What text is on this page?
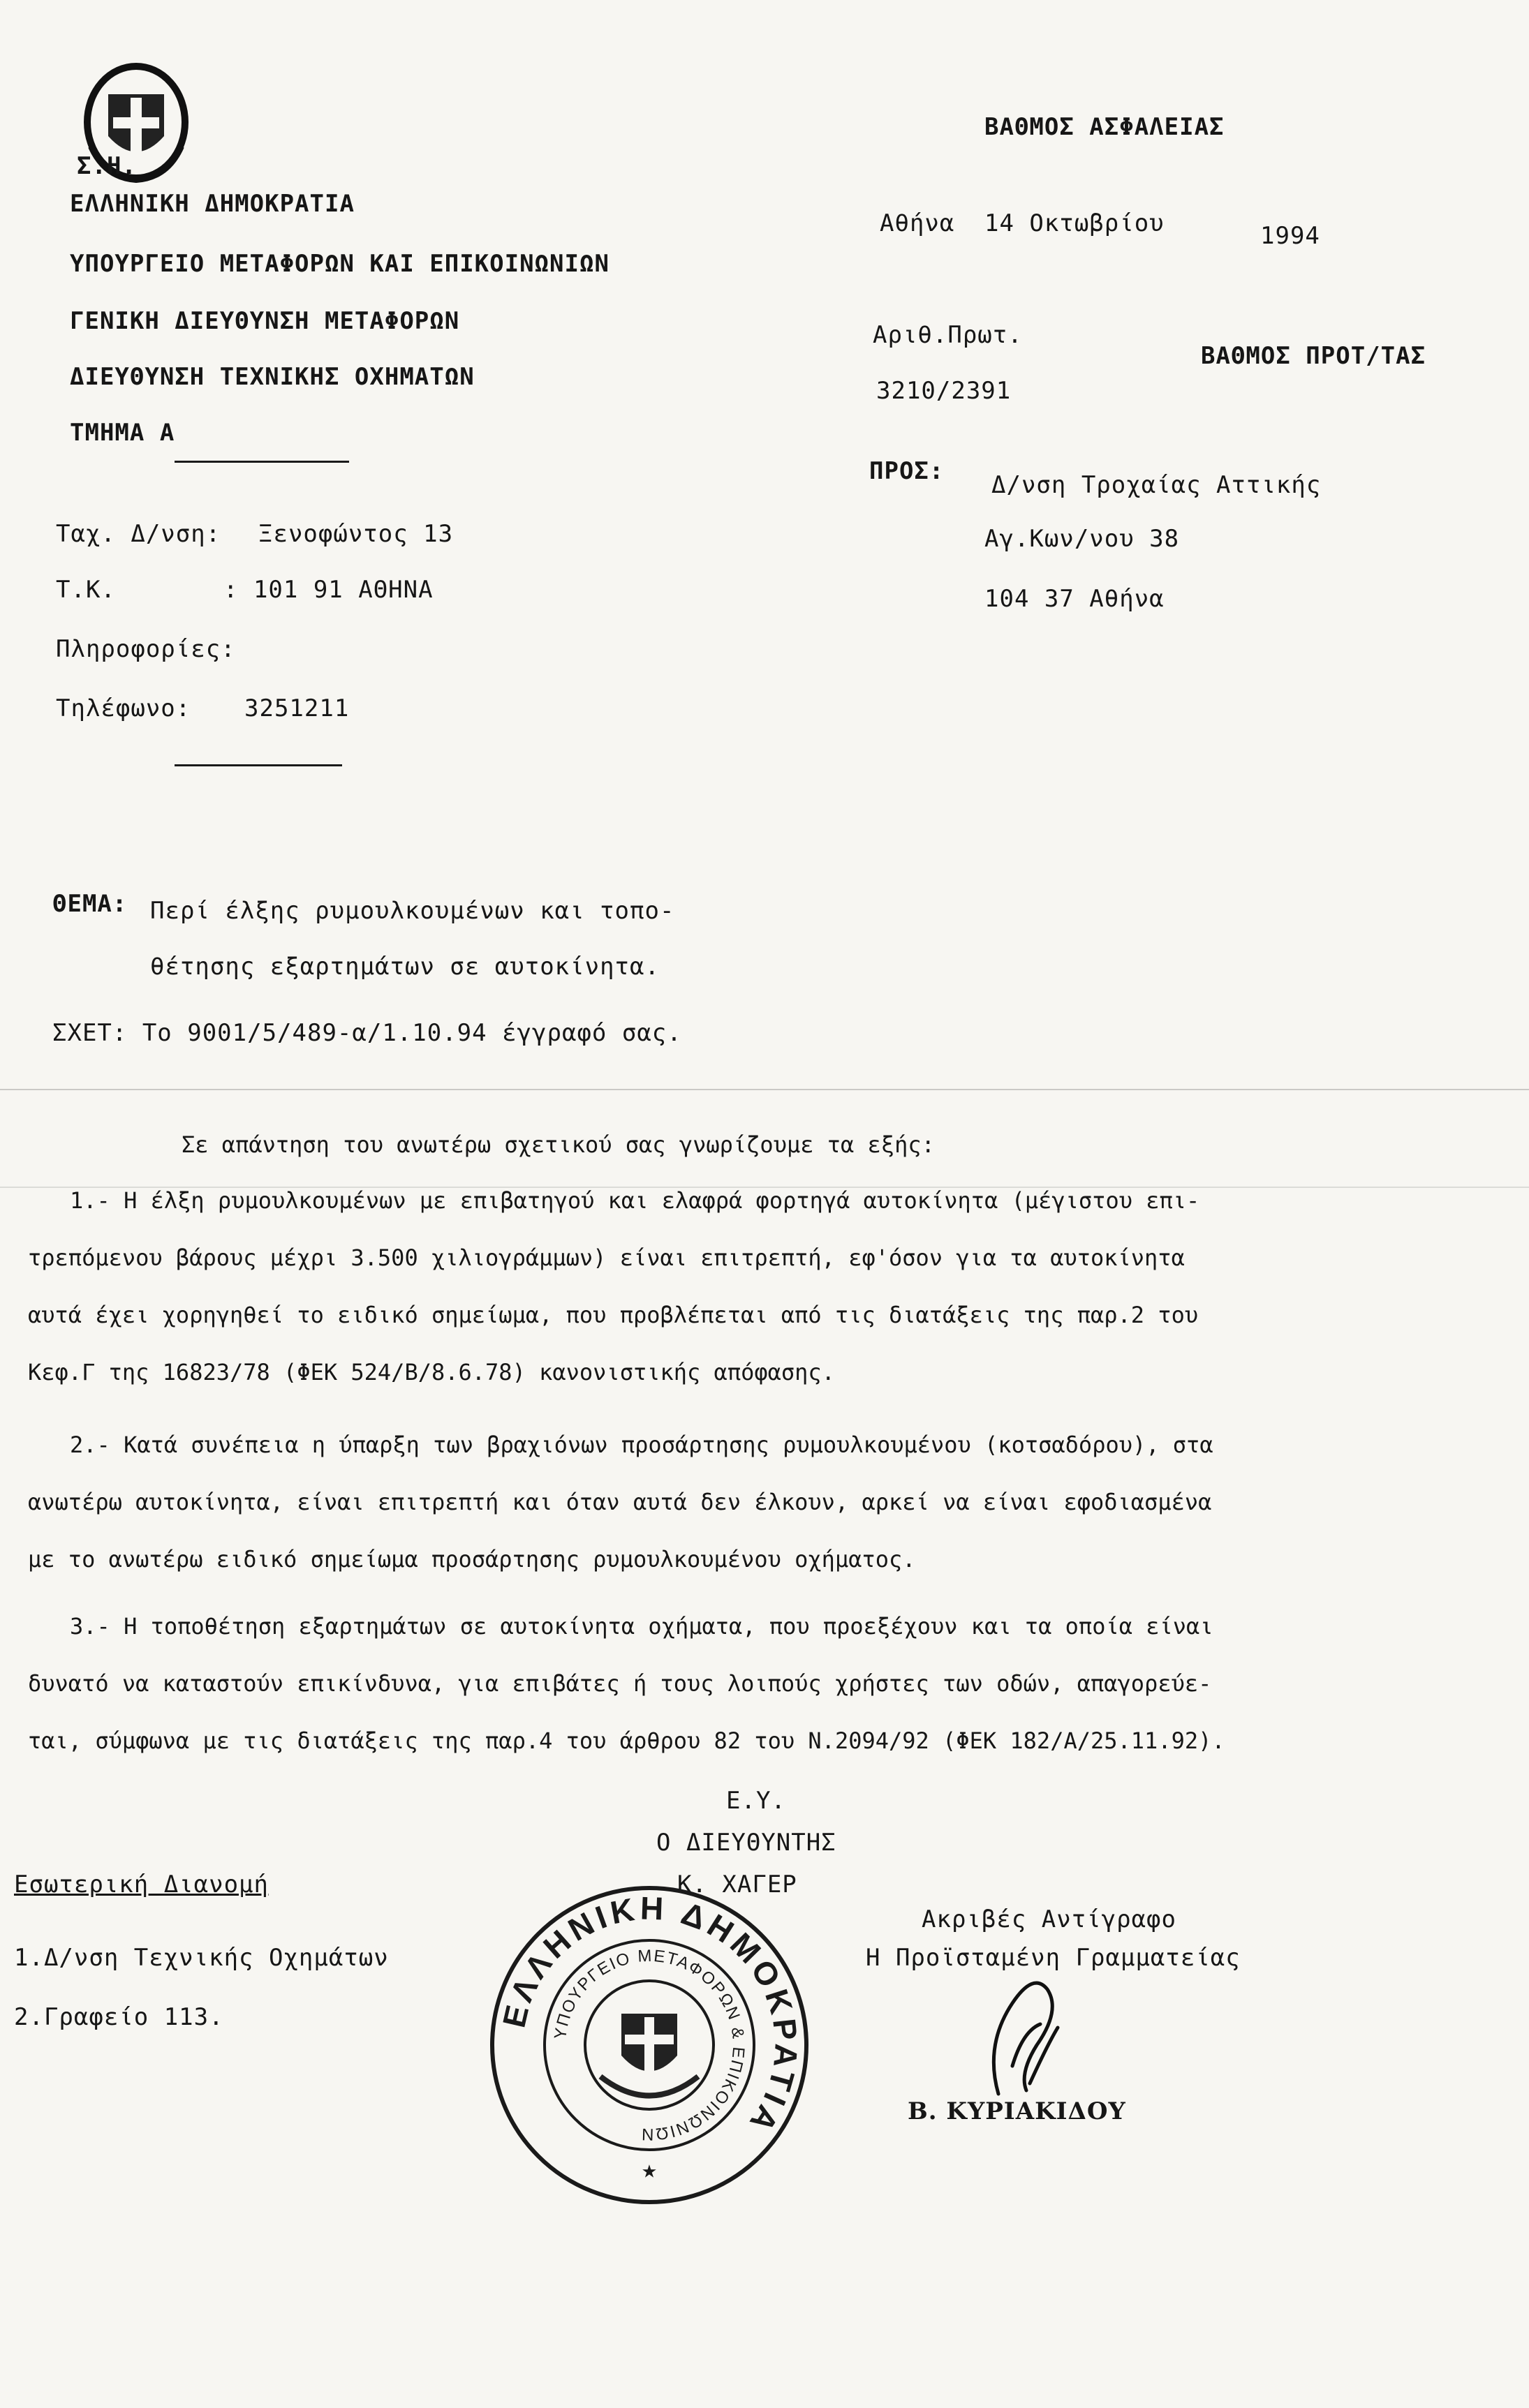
Σ.Η.
ΕΛΛΗΝΙΚΗ ΔΗΜΟΚΡΑΤΙΑ
ΥΠΟΥΡΓΕΙΟ ΜΕΤΑΦΟΡΩΝ ΚΑΙ ΕΠΙΚΟΙΝΩΝΙΩΝ
ΓΕΝΙΚΗ ΔΙΕΥΘΥΝΣΗ ΜΕΤΑΦΟΡΩΝ
ΔΙΕΥΘΥΝΣΗ ΤΕΧΝΙΚΗΣ ΟΧΗΜΑΤΩΝ
ΤΜΗΜΑ Α
Ταχ. Δ/νση: Ξενοφώντος 13
Τ.Κ.	: 101 91 ΑΘΗΝΑ
Πληροφορίες:
Τηλέφωνο: 3251211
ΒΑΘΜΟΣ ΑΣΦΑΛΕΙΑΣ
Αθήνα 14 Οκτωβρίου	1994
Αριθ.Πρωτ.
ΒΑΘΜΟΣ ΠΡΟΤ/ΤΑΣ
3210/2391
ΠΡΟΣ: Δ/νση Τροχαίας Αττικής
Αγ.Κων/νου 38
104 37 Αθήνα
ΘΕΜΑ: Περί έλξης ρυμουλκουμένων και τοπο-
θέτησης εξαρτημάτων σε αυτοκίνητα.
ΣΧΕΤ: Το 9001/5/489-α/1.10.94 έγγραφό σας.
Σε απάντηση του ανωτέρω σχετικού σας γνωρίζουμε τα εξής:
1.- Η έλξη ρυμουλκουμένων με επιβατηγού και ελαφρά φορτηγά αυτοκίνητα (μέγιστου επι-
τρεπόμενου βάρους μέχρι 3.500 χιλιογράμμων) είναι επιτρεπτή, εφ'όσον για τα αυτοκίνητα
αυτά έχει χορηγηθεί το ειδικό σημείωμα, που προβλέπεται από τις διατάξεις της παρ.2 του
Κεφ.Γ της 16823/78 (ΦΕΚ 524/Β/8.6.78) κανονιστικής απόφασης.
2.- Κατά συνέπεια η ύπαρξη των βραχιόνων προσάρτησης ρυμουλκουμένου (κοτσαδόρου), στα
ανωτέρω αυτοκίνητα, είναι επιτρεπτή και όταν αυτά δεν έλκουν, αρκεί να είναι εφοδιασμένα
με το ανωτέρω ειδικό σημείωμα προσάρτησης ρυμουλκουμένου οχήματος.
3.- Η τοποθέτηση εξαρτημάτων σε αυτοκίνητα οχήματα, που προεξέχουν και τα οποία είναι
δυνατό να καταστούν επικίνδυνα, για επιβάτες ή τους λοιπούς χρήστες των οδών, απαγορεύε-
ται, σύμφωνα με τις διατάξεις της παρ.4 του άρθρου 82 του Ν.2094/92 (ΦΕΚ 182/Α/25.11.92).
Ε.Υ.
Ο ΔΙΕΥΘΥΝΤΗΣ
Κ. ΧΑΓΕΡ
Ακριβές Αντίγραφο
Η Προϊσταμένη Γραμματείας
Β. ΚΥΡΙΑΚΙΔΟΥ
ΕΛΛΗΝΙΚΗ ΔΗΜΟΚΡΑΤΙΑ
ΥΠΟΥΡΓΕΙΟ ΜΕΤΑΦΟΡΩΝ & ΕΠΙΚΟΙΝΩΝΙΩΝ
★
Εσωτερική Διανομή
1.Δ/νση Τεχνικής Οχημάτων
2.Γραφείο 113.
